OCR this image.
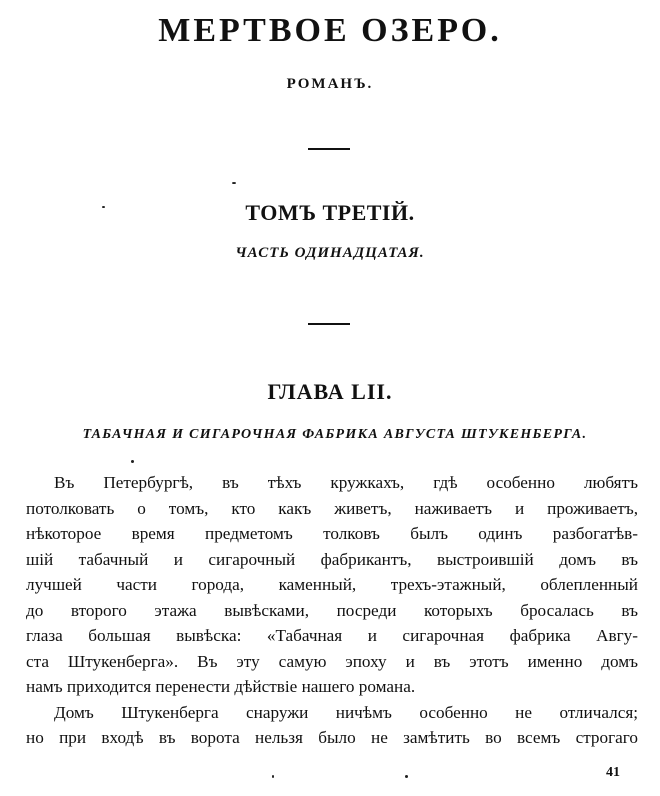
МЕРТВОЕ ОЗЕРО.
РОМАНЪ.
ТОМЪ ТРЕТІЙ.
ЧАСТЬ ОДИНАДЦАТАЯ.
ГЛАВА LII.
ТАБАЧНАЯ И СИГАРОЧНАЯ ФАБРИКА АВГУСТА ШТУКЕНБЕРГА.
Въ Петербургѣ, въ тѣхъ кружкахъ, гдѣ особенно любятъ
потолковать о томъ, кто какъ живетъ, наживаетъ и проживаетъ,
нѣкоторое время предметомъ толковъ былъ одинъ разбогатѣв-
шій табачный и сигарочный фабрикантъ, выстроившій домъ въ
лучшей части города, каменный, трехъ-этажный, облепленный
до второго этажа вывѣсками, посреди которыхъ бросалась въ
глаза большая вывѣска: «Табачная и сигарочная фабрика Авгу-
ста Штукенберга». Въ эту самую эпоху и въ этотъ именно домъ
намъ приходится перенести дѣйствіе нашего романа.
Домъ Штукенберга снаружи ничѣмъ особенно не отличался;
но при входѣ въ ворота нельзя было не замѣтить во всемъ строгаго
41
